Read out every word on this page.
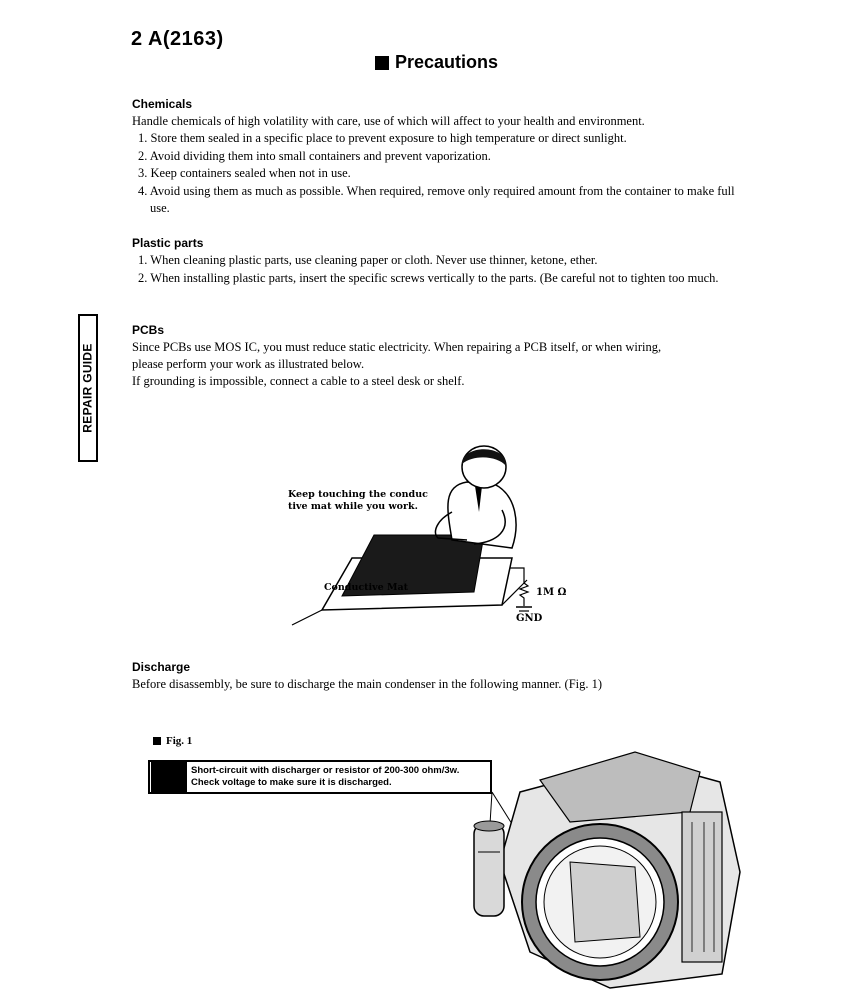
2 A(2163)
Precautions
REPAIR GUIDE
Chemicals
Handle chemicals of high volatility with care, use of which will affect to your health and environment.
1. Store them sealed in a specific place to prevent exposure to high temperature or direct sunlight.
2. Avoid dividing them into small containers and prevent vaporization.
3. Keep containers sealed when not in use.
4. Avoid using them as much as possible. When required, remove only required amount from the container to make full use.
Plastic parts
1. When cleaning plastic parts, use cleaning paper or cloth. Never use thinner, ketone, ether.
2. When installing plastic parts, insert the specific screws vertically to the parts. (Be careful not to tighten too much.
PCBs
Since PCBs use MOS IC, you must reduce static electricity. When repairing a PCB itself, or when wiring,
please perform your work as illustrated below.
If grounding is impossible, connect a cable to a steel desk or shelf.
Keep touching the conduc
tive mat while you work.
Conductive Mat	1M Ω
GND
Discharge
Before disassembly, be sure to discharge the main condenser in the following manner. (Fig. 1)
Fig. 1
Short-circuit with discharger or resistor of 200-300 ohm/3w.
Check voltage to make sure it is discharged.
